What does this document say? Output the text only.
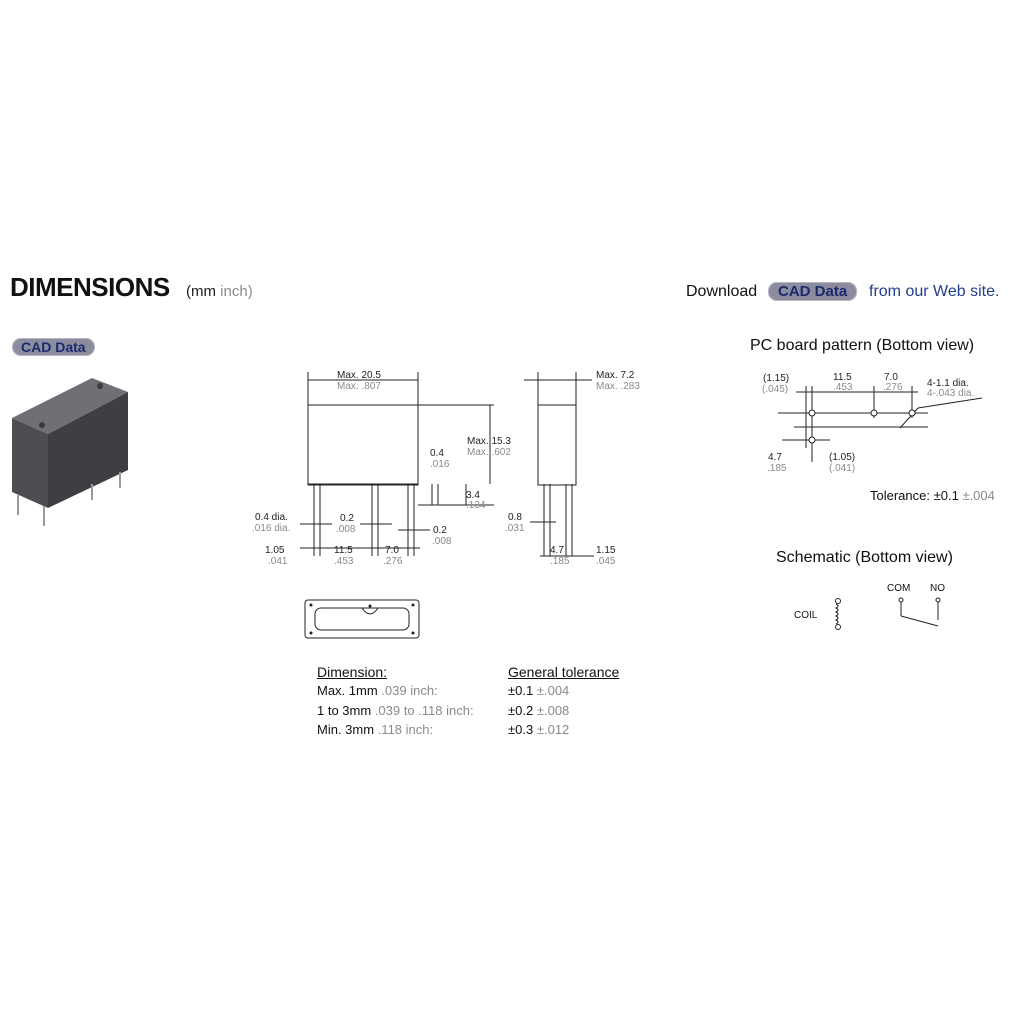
DIMENSIONS (mm inch)	Download	CAD Data	from our Web site.
CAD Data
Max. 20.5
Max. .807
Max. 15.3
Max. .602
0.4
.016
3.4
.134
0.4 dia.
.016 dia.
0.2
.008	0.2
.008
1.05
.041
11.5
.453
7.0
.276
Max. 7.2
Max. .283
0.8
.031
4.7
.185
1.15
.045
PC board pattern (Bottom view)
(1.15)
(.045)
11.5
.453
7.0
.276 4-1.1 dia.
4-.043 dia.
4.7
.185
(1.05)
(.041)
Tolerance: ±0.1 ±.004
Schematic (Bottom view)
COM NO
COIL
Dimension:	General tolerance
Max. 1mm .039 inch:	±0.1 ±.004
1 to 3mm .039 to .118 inch:	±0.2 ±.008
Min. 3mm .118 inch:	±0.3 ±.012
